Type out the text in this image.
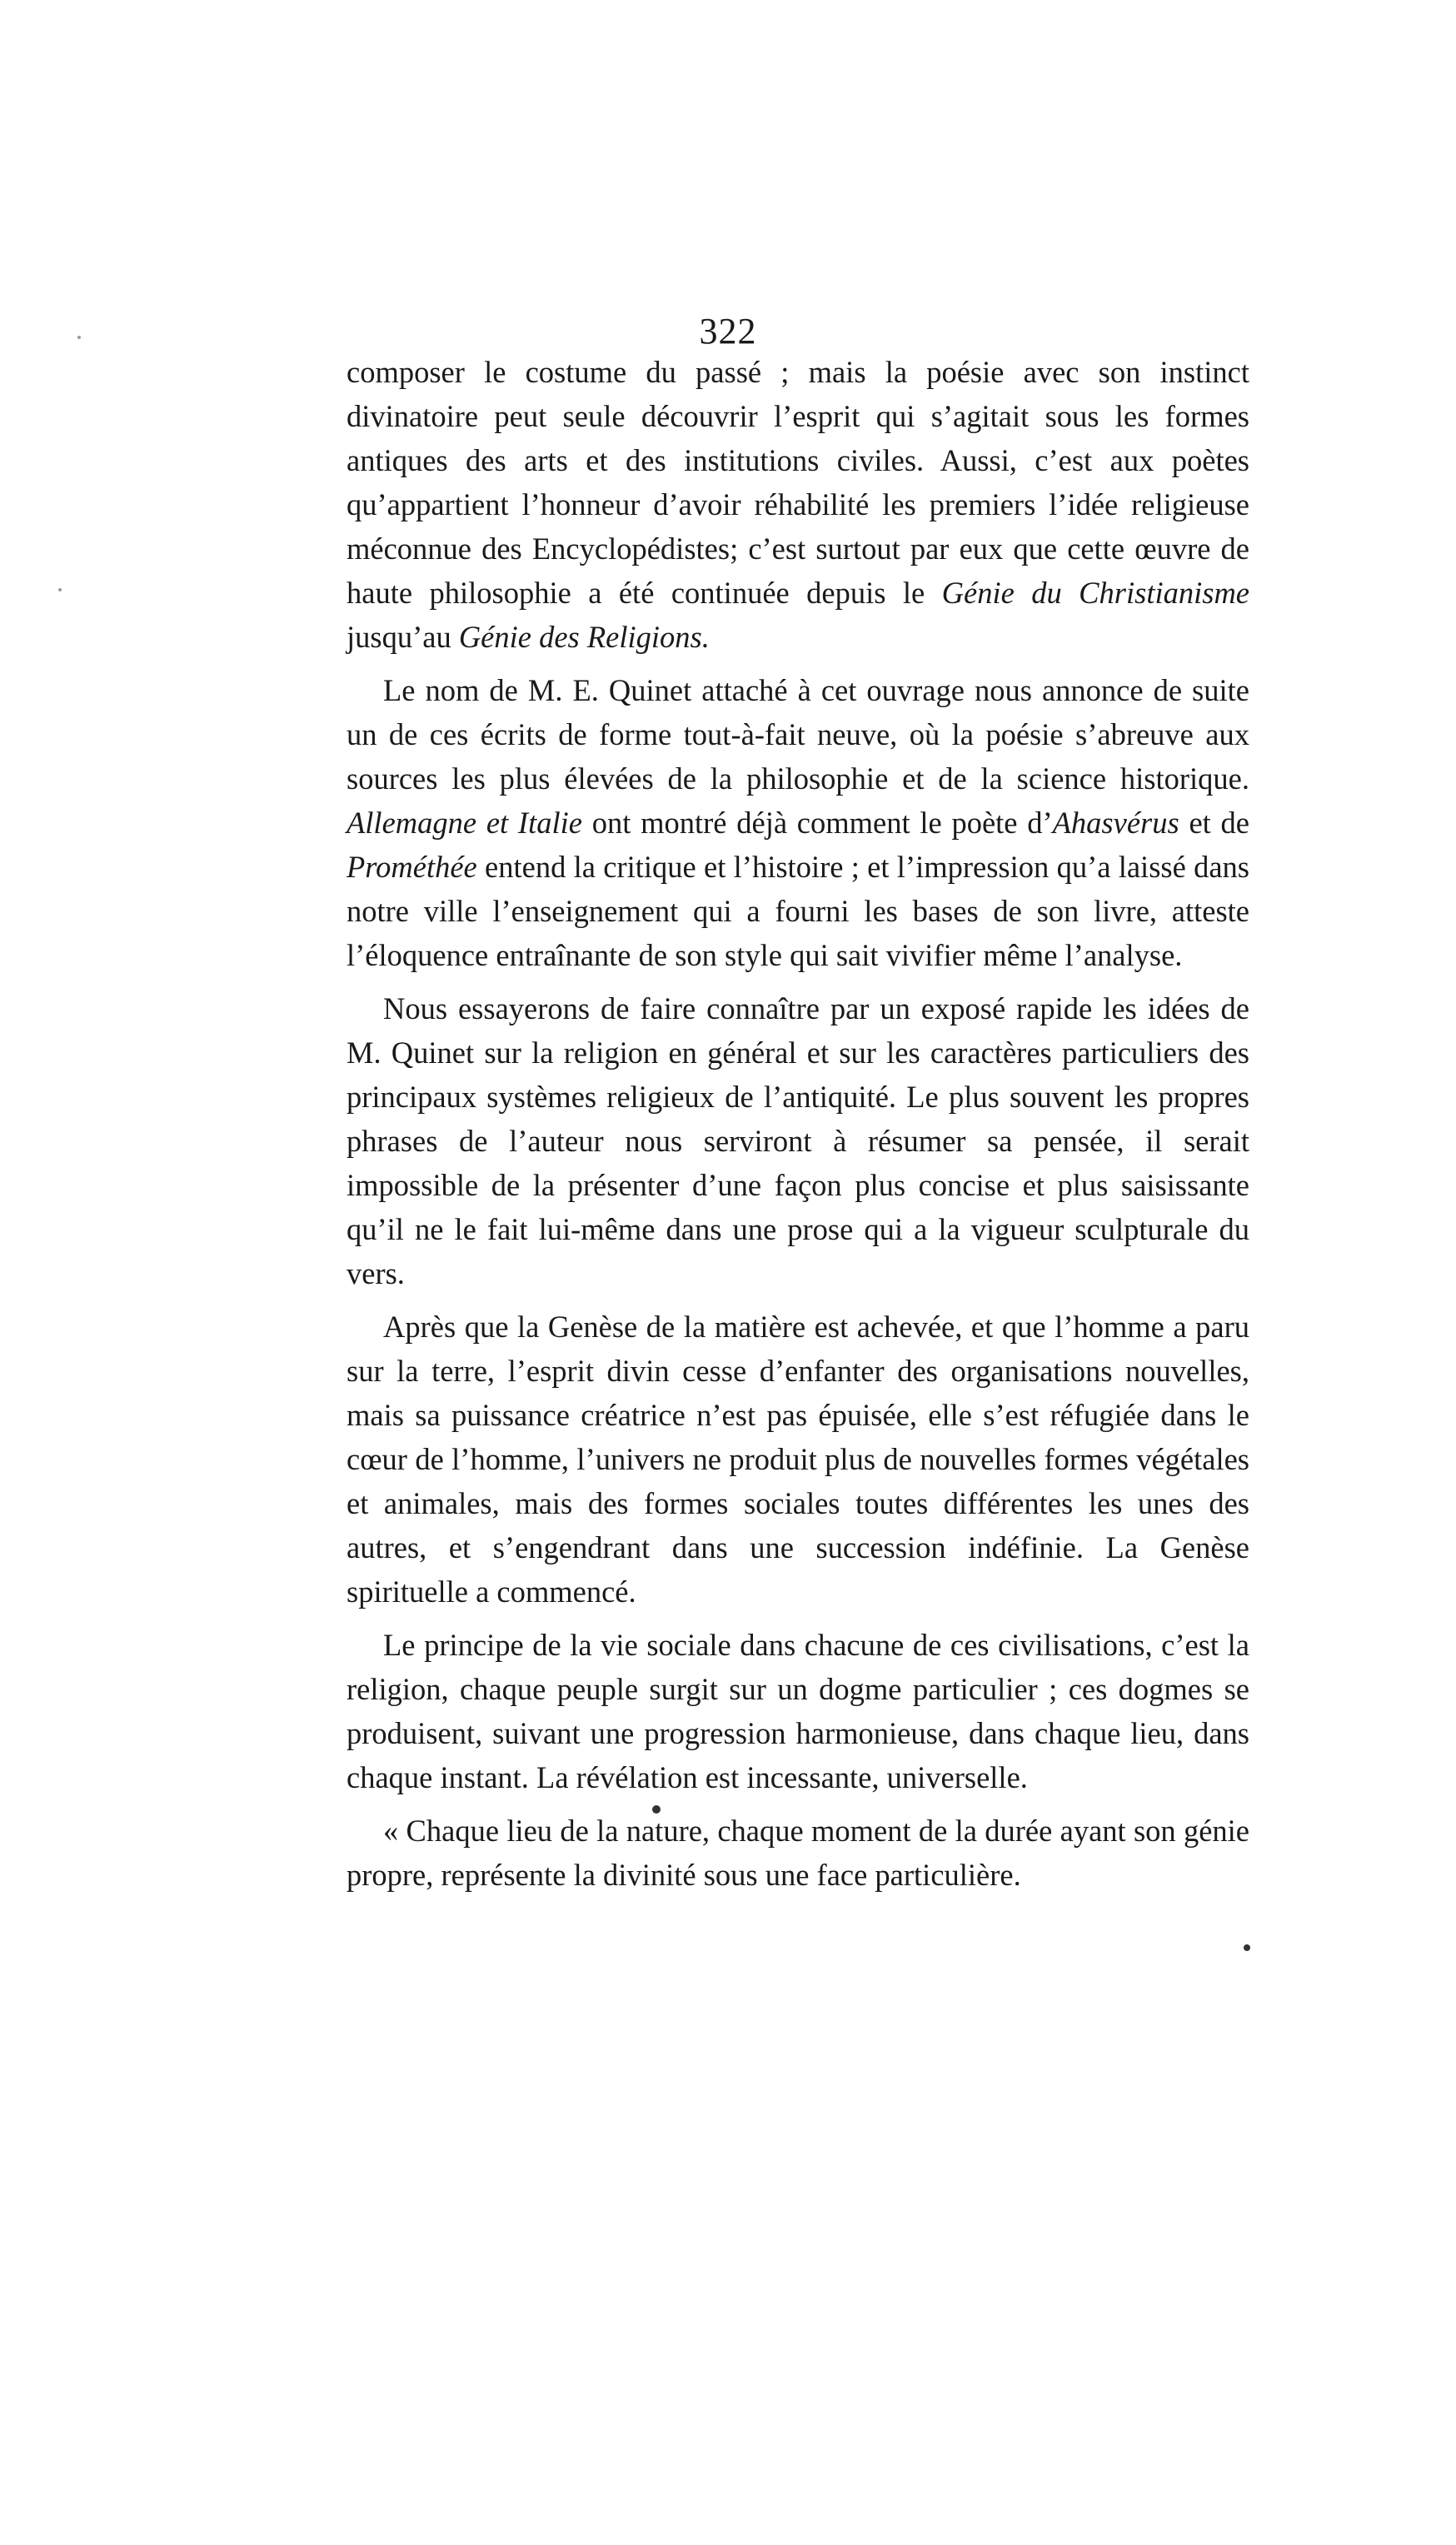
322

composer le costume du passé ; mais la poésie avec son instinct divinatoire peut seule découvrir l’esprit qui s’agitait sous les formes antiques des arts et des institutions civiles. Aussi, c’est aux poètes qu’appartient l’honneur d’avoir réhabilité les premiers l’idée religieuse méconnue des Encyclopédistes; c’est surtout par eux que cette œuvre de haute philosophie a été continuée depuis le Génie du Christianisme jusqu’au Génie des Religions.

Le nom de M. E. Quinet attaché à cet ouvrage nous annonce de suite un de ces écrits de forme tout-à-fait neuve, où la poésie s’abreuve aux sources les plus élevées de la philosophie et de la science historique. Allemagne et Italie ont montré déjà comment le poète d’Ahasvérus et de Prométhée entend la critique et l’histoire ; et l’impression qu’a laissé dans notre ville l’enseignement qui a fourni les bases de son livre, atteste l’éloquence entraînante de son style qui sait vivifier même l’analyse.

Nous essayerons de faire connaître par un exposé rapide les idées de M. Quinet sur la religion en général et sur les caractères particuliers des principaux systèmes religieux de l’antiquité. Le plus souvent les propres phrases de l’auteur nous serviront à résumer sa pensée, il serait impossible de la présenter d’une façon plus concise et plus saisissante qu’il ne le fait lui-même dans une prose qui a la vigueur sculpturale du vers.

Après que la Genèse de la matière est achevée, et que l’homme a paru sur la terre, l’esprit divin cesse d’enfanter des organisations nouvelles, mais sa puissance créatrice n’est pas épuisée, elle s’est réfugiée dans le cœur de l’homme, l’univers ne produit plus de nouvelles formes végétales et animales, mais des formes sociales toutes différentes les unes des autres, et s’engendrant dans une succession indéfinie. La Genèse spirituelle a commencé.

Le principe de la vie sociale dans chacune de ces civilisations, c’est la religion, chaque peuple surgit sur un dogme particulier ; ces dogmes se produisent, suivant une progression harmonieuse, dans chaque lieu, dans chaque instant. La révélation est incessante, universelle.

« Chaque lieu de la nature, chaque moment de la durée ayant son génie propre, représente la divinité sous une face particulière.
